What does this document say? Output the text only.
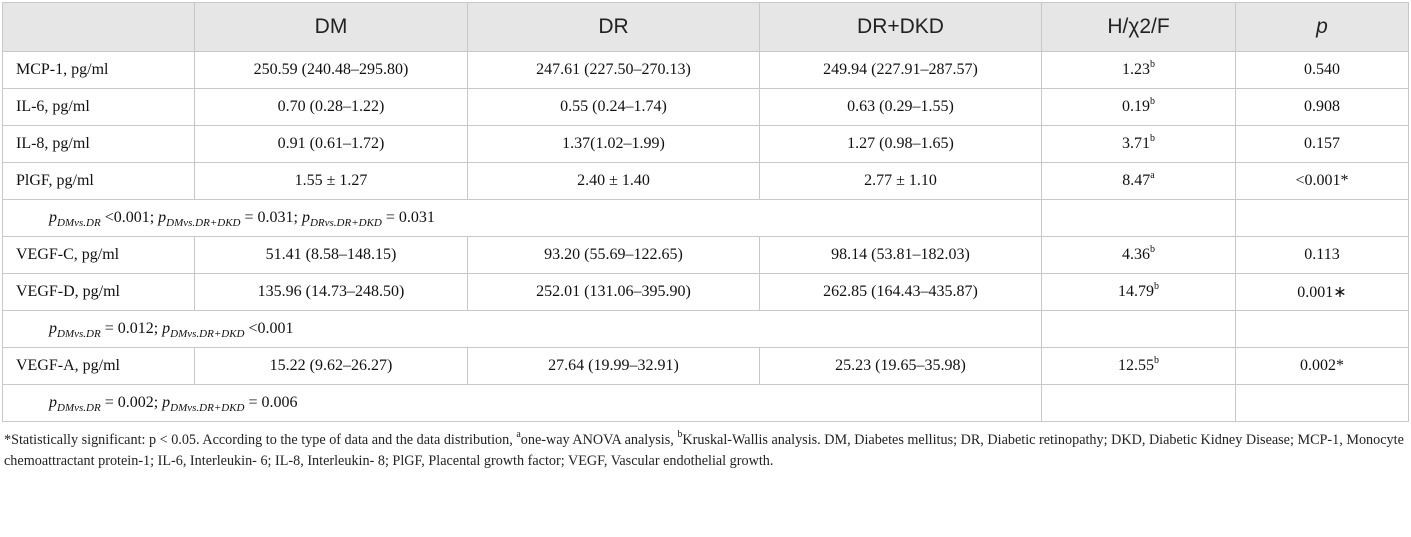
	DM	DR	DR+DKD	H/χ2/F	p
MCP-1, pg/ml	250.59 (240.48–295.80)	247.61 (227.50–270.13)	249.94 (227.91–287.57)	1.23$^b$	0.540
IL-6, pg/ml	0.70 (0.28–1.22)	0.55 (0.24–1.74)	0.63 (0.29–1.55)	0.19$^b$	0.908
IL-8, pg/ml	0.91 (0.61–1.72)	1.37(1.02–1.99)	1.27 (0.98–1.65)	3.71$^b$	0.157
PlGF, pg/ml	1.55 ± 1.27	2.40 ± 1.40	2.77 ± 1.10	8.47$^a$	<0.001*
$p_{DMvs.DR} <0.001$; $p_{DMvs.DR+DKD} = 0.031$; $p_{DRvs.DR+DKD} = 0.031$					
VEGF-C, pg/ml	51.41 (8.58–148.15)	93.20 (55.69–122.65)	98.14 (53.81–182.03)	4.36$^b$	0.113
VEGF-D, pg/ml	135.96 (14.73–248.50)	252.01 (131.06–395.90)	262.85 (164.43–435.87)	14.79$^b$	0.001∗
$p_{DMvs.DR} = 0.012$; $p_{DMvs.DR+DKD} <0.001$					
VEGF-A, pg/ml	15.22 (9.62–26.27)	27.64 (19.99–32.91)	25.23 (19.65–35.98)	12.55$^b$	0.002*
$p_{DMvs.DR} = 0.002$; $p_{DMvs.DR+DKD} = 0.006$					

*Statistically significant: p < 0.05. According to the type of data and the data distribution, $^a$one-way ANOVA analysis, $^b$Kruskal-Wallis analysis. DM, Diabetes mellitus; DR, Diabetic retinopathy; DKD, Diabetic Kidney Disease; MCP-1, Monocyte chemoattractant protein-1; IL-6, Interleukin- 6; IL-8, Interleukin- 8; PlGF, Placental growth factor; VEGF, Vascular endothelial growth.
